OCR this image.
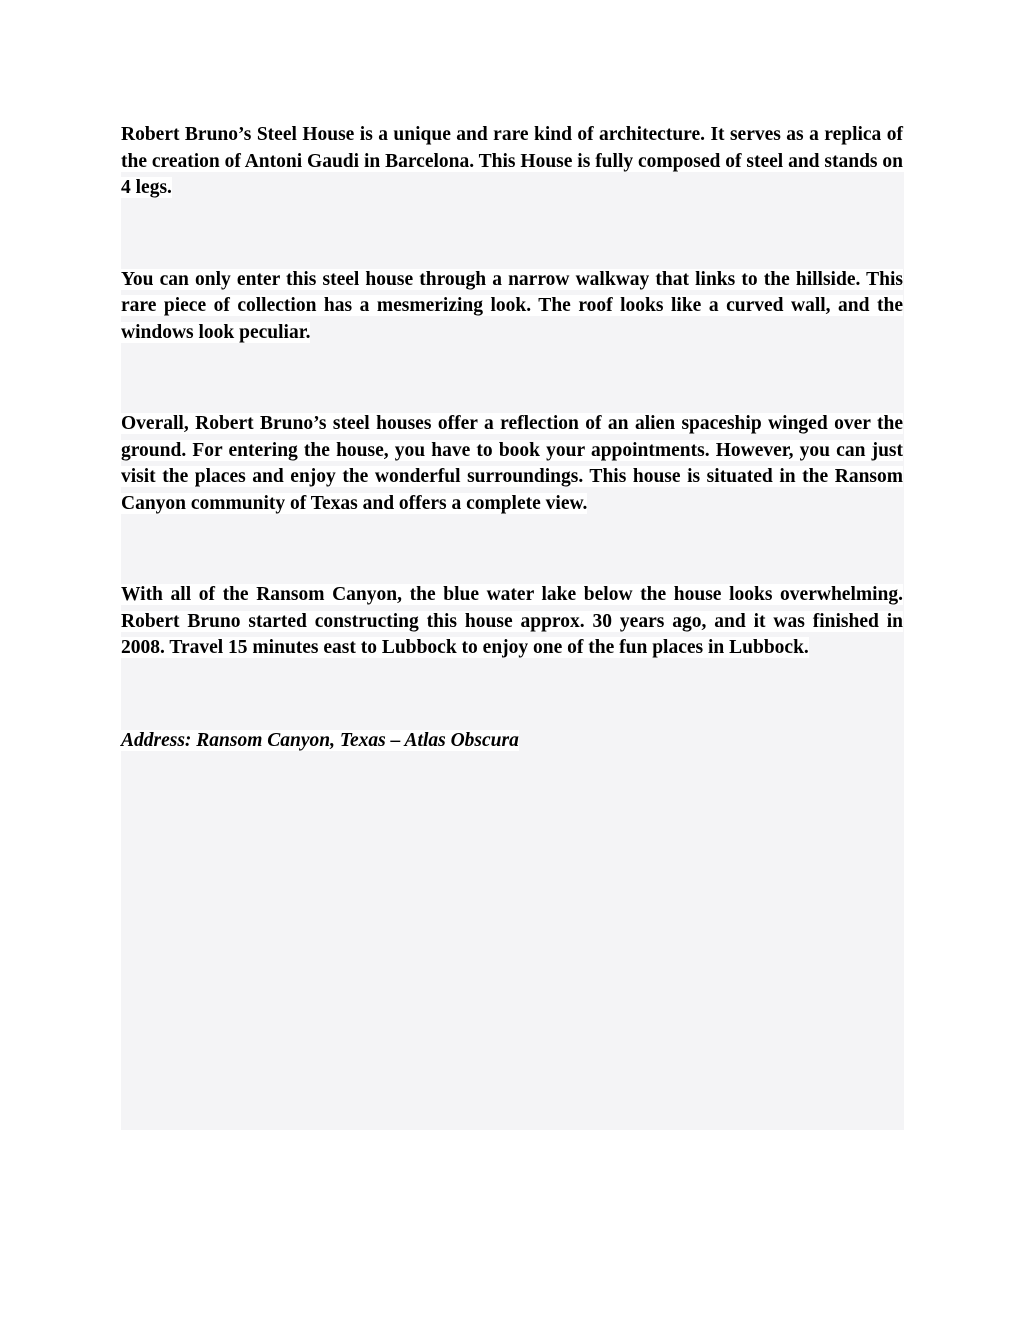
Robert Bruno’s Steel House is a unique and rare kind of architecture. It serves as a replica of the creation of Antoni Gaudi in Barcelona. This House is fully composed of steel and stands on 4 legs.

You can only enter this steel house through a narrow walkway that links to the hillside. This rare piece of collection has a mesmerizing look. The roof looks like a curved wall, and the windows look peculiar.

Overall, Robert Bruno’s steel houses offer a reflection of an alien spaceship winged over the ground. For entering the house, you have to book your appointments. However, you can just visit the places and enjoy the wonderful surroundings. This house is situated in the Ransom Canyon community of Texas and offers a complete view.

With all of the Ransom Canyon, the blue water lake below the house looks overwhelming. Robert Bruno started constructing this house approx. 30 years ago, and it was finished in 2008. Travel 15 minutes east to Lubbock to enjoy one of the fun places in Lubbock.

Address: Ransom Canyon, Texas – Atlas Obscura
